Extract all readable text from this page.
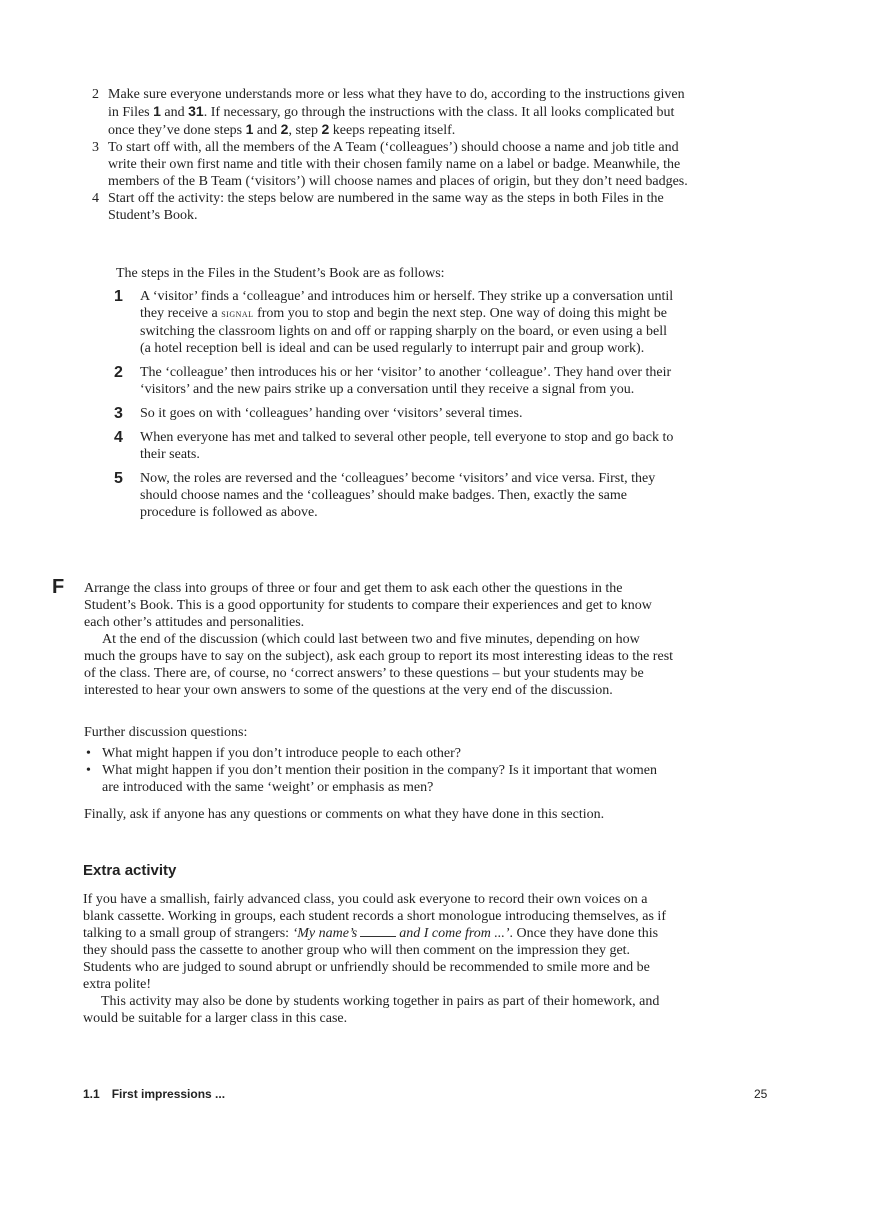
2 Make sure everyone understands more or less what they have to do, according to the instructions given in Files 1 and 31. If necessary, go through the instructions with the class. It all looks complicated but once they’ve done steps 1 and 2, step 2 keeps repeating itself.
3 To start off with, all the members of the A Team (‘colleagues’) should choose a name and job title and write their own first name and title with their chosen family name on a label or badge. Meanwhile, the members of the B Team (‘visitors’) will choose names and places of origin, but they don’t need badges.
4 Start off the activity: the steps below are numbered in the same way as the steps in both Files in the Student’s Book.

The steps in the Files in the Student’s Book are as follows:

1 A ‘visitor’ finds a ‘colleague’ and introduces him or herself. They strike up a conversation until they receive a signal from you to stop and begin the next step. One way of doing this might be switching the classroom lights on and off or rapping sharply on the board, or even using a bell (a hotel reception bell is ideal and can be used regularly to interrupt pair and group work).
2 The ‘colleague’ then introduces his or her ‘visitor’ to another ‘colleague’. They hand over their ‘visitors’ and the new pairs strike up a conversation until they receive a signal from you.
3 So it goes on with ‘colleagues’ handing over ‘visitors’ several times.
4 When everyone has met and talked to several other people, tell everyone to stop and go back to their seats.
5 Now, the roles are reversed and the ‘colleagues’ become ‘visitors’ and vice versa. First, they should choose names and the ‘colleagues’ should make badges. Then, exactly the same procedure is followed as above.
F Arrange the class into groups of three or four and get them to ask each other the questions in the Student’s Book. This is a good opportunity for students to compare their experiences and get to know each other’s attitudes and personalities.

At the end of the discussion (which could last between two and five minutes, depending on how much the groups have to say on the subject), ask each group to report its most interesting ideas to the rest of the class. There are, of course, no ‘correct answers’ to these questions – but your students may be interested to hear your own answers to some of the questions at the very end of the discussion.

Further discussion questions:

• What might happen if you don’t introduce people to each other?
• What might happen if you don’t mention their position in the company? Is it important that women are introduced with the same ‘weight’ or emphasis as men?

Finally, ask if anyone has any questions or comments on what they have done in this section.

Extra activity

If you have a smallish, fairly advanced class, you could ask everyone to record their own voices on a blank cassette. Working in groups, each student records a short monologue introducing themselves, as if talking to a small group of strangers: ‘My name’s	and I come from ...’. Once they have done this they should pass the cassette to another group who will then comment on the impression they get. Students who are judged to sound abrupt or unfriendly should be recommended to smile more and be extra polite!

This activity may also be done by students working together in pairs as part of their homework, and would be suitable for a larger class in this case.

1.1 First impressions ...	25
